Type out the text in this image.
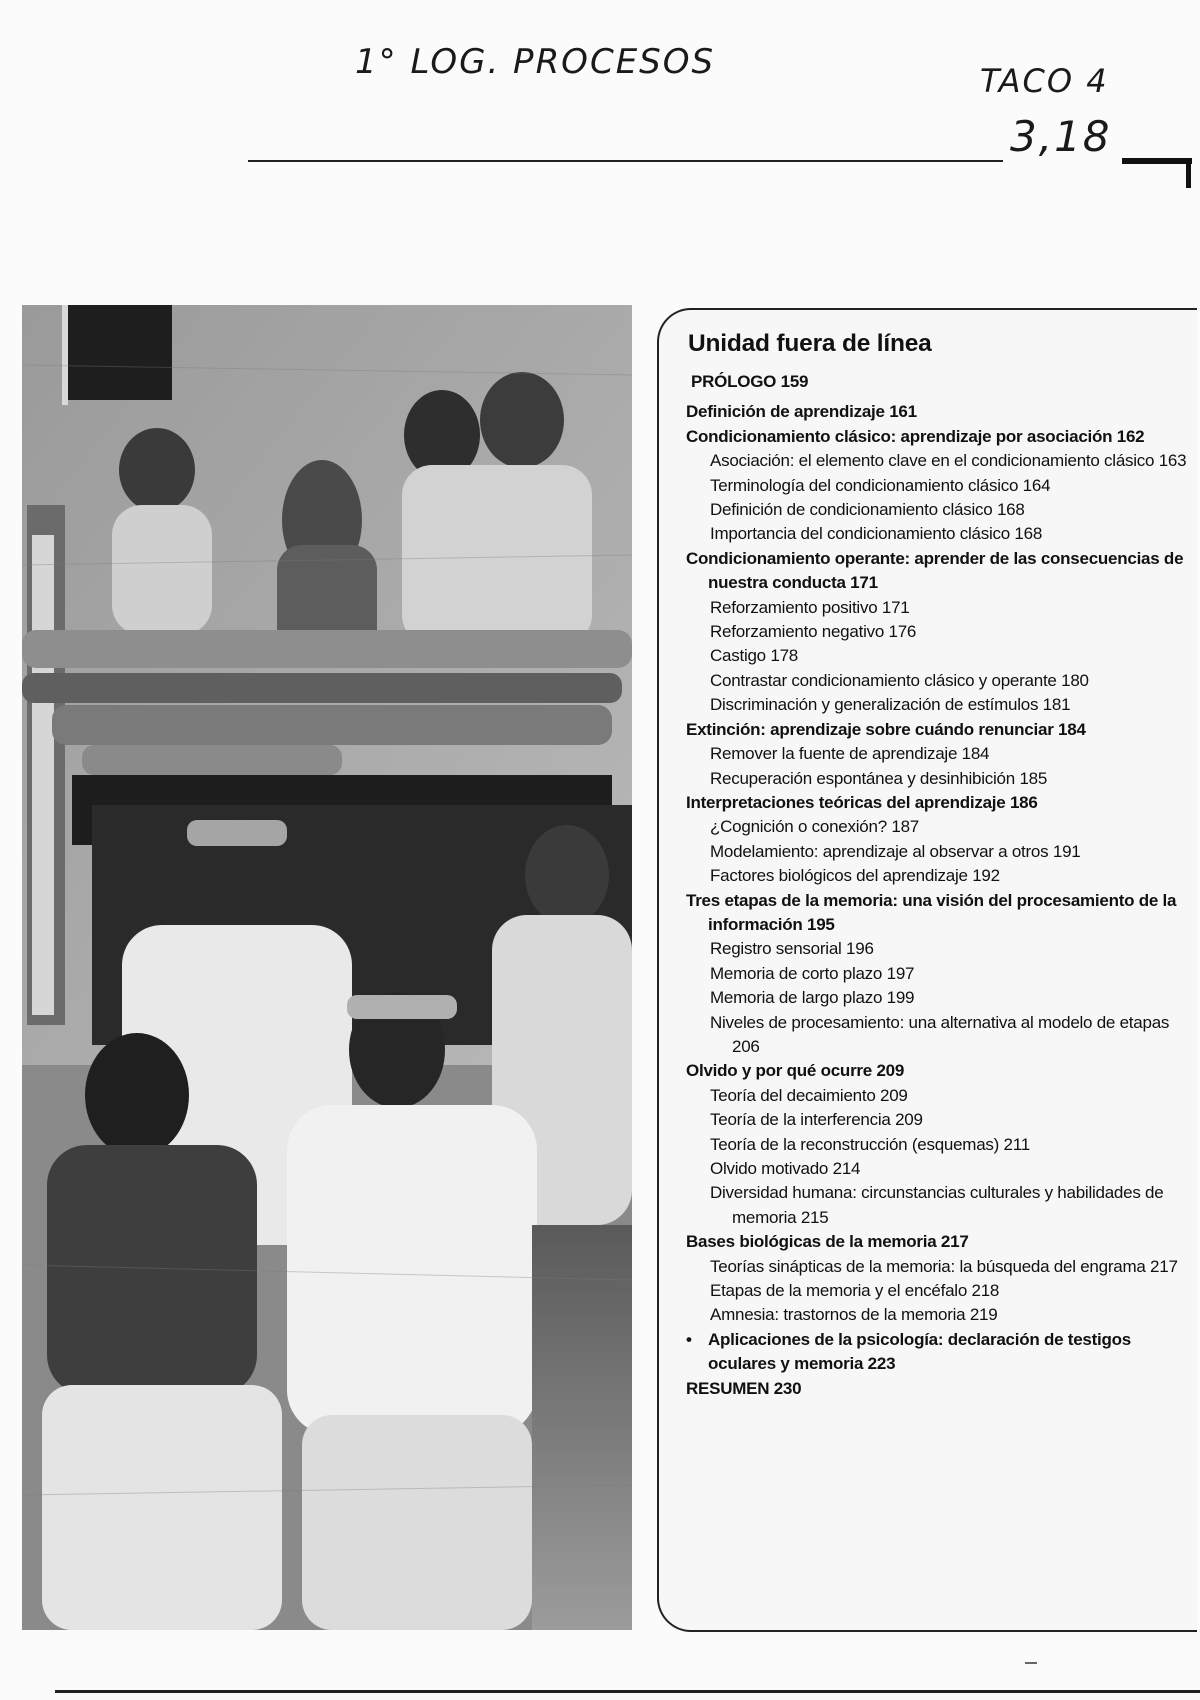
1° LOG. PROCESOS	TACO 4
3,18
Unidad fuera de línea
PRÓLOGO 159
Definición de aprendizaje 161
Condicionamiento clásico: aprendizaje por asociación 162
Asociación: el elemento clave en el condicionamiento clásico 163
Terminología del condicionamiento clásico 164
Definición de condicionamiento clásico 168
Importancia del condicionamiento clásico 168
Condicionamiento operante: aprender de las consecuencias de nuestra conducta 171
Reforzamiento positivo 171
Reforzamiento negativo 176
Castigo 178
Contrastar condicionamiento clásico y operante 180
Discriminación y generalización de estímulos 181
Extinción: aprendizaje sobre cuándo renunciar 184
Remover la fuente de aprendizaje 184
Recuperación espontánea y desinhibición 185
Interpretaciones teóricas del aprendizaje 186
¿Cognición o conexión? 187
Modelamiento: aprendizaje al observar a otros 191
Factores biológicos del aprendizaje 192
Tres etapas de la memoria: una visión del procesamiento de la información 195
Registro sensorial 196
Memoria de corto plazo 197
Memoria de largo plazo 199
Niveles de procesamiento: una alternativa al modelo de etapas 206
Olvido y por qué ocurre 209
Teoría del decaimiento 209
Teoría de la interferencia 209
Teoría de la reconstrucción (esquemas) 211
Olvido motivado 214
Diversidad humana: circunstancias culturales y habilidades de memoria 215
Bases biológicas de la memoria 217
Teorías sinápticas de la memoria: la búsqueda del engrama 217
Etapas de la memoria y el encéfalo 218
Amnesia: trastornos de la memoria 219
• Aplicaciones de la psicología: declaración de testigos oculares y memoria 223
RESUMEN 230
